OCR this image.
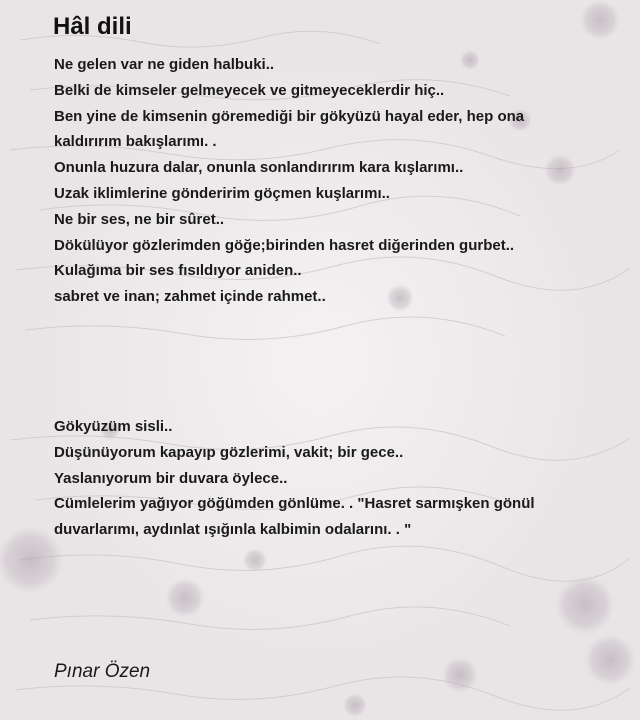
Hâl dili
Ne gelen var ne giden halbuki..
Belki de kimseler gelmeyecek ve gitmeyeceklerdir hiç..
Ben yine de kimsenin göremediği bir gökyüzü hayal eder, hep ona
kaldırırım bakışlarımı. .
Onunla huzura dalar, onunla sonlandırırım kara kışlarımı..
Uzak iklimlerine gönderirim göçmen kuşlarımı..
Ne bir ses, ne bir sûret..
Dökülüyor gözlerimden göğe;birinden hasret diğerinden gurbet..
Kulağıma bir ses fısıldıyor aniden..
sabret ve inan; zahmet içinde rahmet..
Gökyüzüm sisli..
Düşünüyorum kapayıp gözlerimi, vakit; bir gece..
Yaslanıyorum bir duvara öylece..
Cümlelerim yağıyor göğümden gönlüme. . "Hasret sarmışken gönül
duvarlarımı, aydınlat ışığınla kalbimin odalarını. . "

Pınar Özen
